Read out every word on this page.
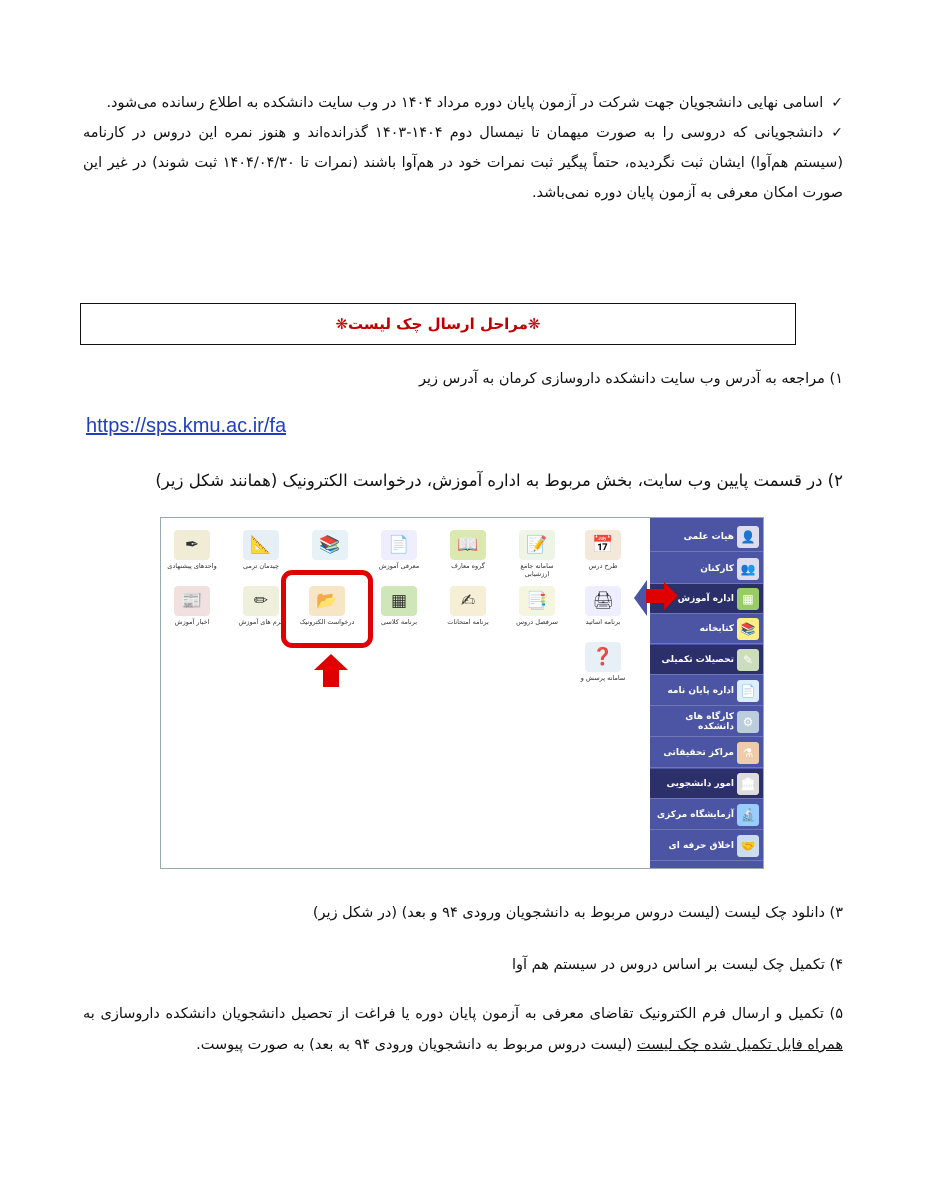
✓اسامی نهایی دانشجویان جهت شرکت در آزمون پایان دوره مرداد ۱۴۰۴ در وب سایت دانشکده به اطلاع رسانده می‌شود.

✓دانشجویانی که دروسی را به صورت میهمان تا نیمسال دوم ۱۴۰۴-۱۴۰۳ گذرانده‌اند و هنوز نمره این دروس در کارنامه (سیستم هم‌آوا) ایشان ثبت نگردیده، حتماً پیگیر ثبت نمرات خود در هم‌آوا باشند (نمرات تا ۱۴۰۴/۰۴/۳۰ ثبت شوند) در غیر این صورت امکان معرفی به آزمون پایان دوره نمی‌باشد.

❋مراحل ارسال چک لیست❋
۱) مراجعه به آدرس وب سایت دانشکده داروسازی کرمان به آدرس زیر
https://sps.kmu.ac.ir/fa
۲) در قسمت پایین وب سایت، بخش مربوط به اداره آموزش، درخواست الکترونیک (همانند شکل زیر)
👤
هیات علمی
👥
کارکنان
▦
اداره آموزش
📚
کتابخانه
✎
تحصیلات تکمیلی
📄
اداره پایان نامه
⚙
کارگاه های دانشکده
⚗
مراکز تحقیقاتی
🏛
امور دانشجویی
🔬
آزمایشگاه مرکزی
🤝
اخلاق حرفه ای
📅
طرح درس
📝
سامانه جامع ارزشیابی
📖
گروه معارف
📄
معرفی آموزش
📐
چیدمان ترمی
✒
واحدهای پیشنهادی
📚
🖨
برنامه اساتید
📑
سرفصل دروس
✍
برنامه امتحانات
▦
برنامه کلاسی
📂
درخواست الکترونیک
✏
فرم های آموزش
📰
اخبار آموزش
❓
سامانه پرسش و
۳) دانلود چک لیست (لیست دروس مربوط به دانشجویان ورودی ۹۴ و بعد) (در شکل زیر)
۴) تکمیل چک لیست بر اساس دروس در سیستم هم آوا

۵) تکمیل و ارسال فرم الکترونیک تقاضای معرفی به آزمون پایان دوره یا فراغت از تحصیل دانشجویان دانشکده داروسازی به همراه فایل تکمیل شده چک لیست (لیست دروس مربوط به دانشجویان ورودی ۹۴ به بعد) به صورت پیوست.
